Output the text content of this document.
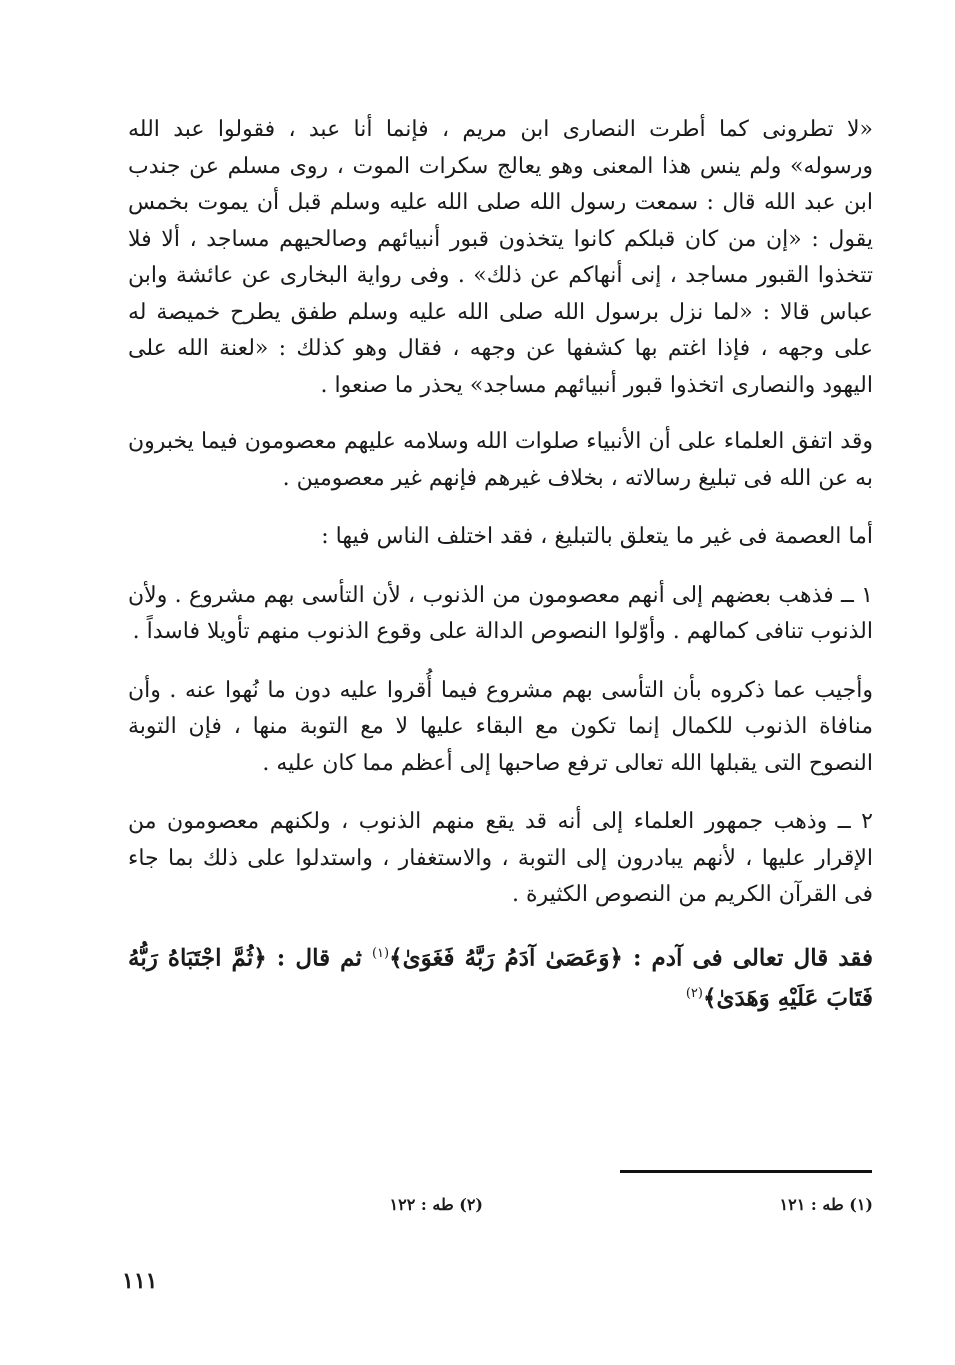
«لا تطرونى كما أطرت النصارى ابن مريم ، فإنما أنا عبد ، فقولوا عبد الله ورسوله» ولم ينس هذا المعنى وهو يعالج سكرات الموت ، روى مسلم عن جندب ابن عبد الله قال : سمعت رسول الله صلى الله عليه وسلم قبل أن يموت بخمس يقول : «إن من كان قبلكم كانوا يتخذون قبور أنبيائهم وصالحيهم مساجد ، ألا فلا تتخذوا القبور مساجد ، إنى أنهاكم عن ذلك» . وفى رواية البخارى عن عائشة وابن عباس قالا : «لما نزل برسول الله صلى الله عليه وسلم طفق يطرح خميصة له على وجهه ، فإذا اغتم بها كشفها عن وجهه ، فقال وهو كذلك : «لعنة الله على اليهود والنصارى اتخذوا قبور أنبيائهم مساجد» يحذر ما صنعوا .

وقد اتفق العلماء على أن الأنبياء صلوات الله وسلامه عليهم معصومون فيما يخبرون به عن الله فى تبليغ رسالاته ، بخلاف غيرهم فإنهم غير معصومين .

أما العصمة فى غير ما يتعلق بالتبليغ ، فقد اختلف الناس فيها :

١ ــ فذهب بعضهم إلى أنهم معصومون من الذنوب ، لأن التأسى بهم مشروع . ولأن الذنوب تنافى كمالهم . وأوّلوا النصوص الدالة على وقوع الذنوب منهم تأويلا فاسداً .

وأجيب عما ذكروه بأن التأسى بهم مشروع فيما أُقروا عليه دون ما نُهوا عنه . وأن منافاة الذنوب للكمال إنما تكون مع البقاء عليها لا مع التوبة منها ، فإن التوبة النصوح التى يقبلها الله تعالى ترفع صاحبها إلى أعظم مما كان عليه .

٢ ــ وذهب جمهور العلماء إلى أنه قد يقع منهم الذنوب ، ولكنهم معصومون من الإقرار عليها ، لأنهم يبادرون إلى التوبة ، والاستغفار ، واستدلوا على ذلك بما جاء فى القرآن الكريم من النصوص الكثيرة .

فقد قال تعالى فى آدم : ﴿وَعَصَىٰ آدَمُ رَبَّهُ فَغَوَىٰ﴾$^{(١)}$ ثم قال : ﴿ثُمَّ اجْتَبَاهُ رَبُّهُ فَتَابَ عَلَيْهِ وَهَدَىٰ﴾$^{(٢)}$

(١) طه : ١٢١
(٢) طه : ١٢٢
١١١
